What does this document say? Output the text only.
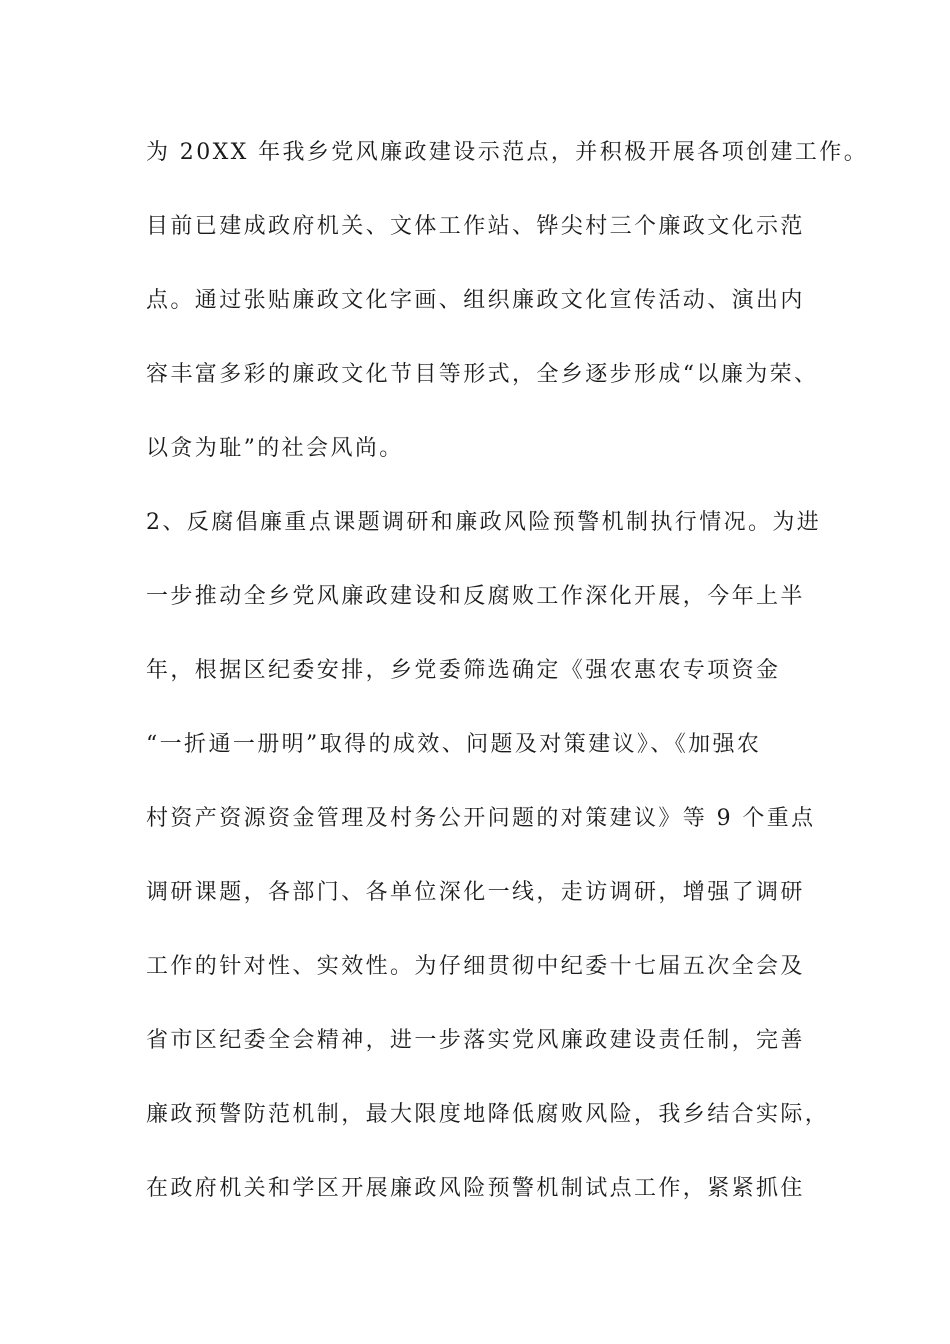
为 20XX 年我乡党风廉政建设示范点，并积极开展各项创建工作。
目前已建成政府机关、文体工作站、铧尖村三个廉政文化示范
点。通过张贴廉政文化字画、组织廉政文化宣传活动、演出内
容丰富多彩的廉政文化节目等形式，全乡逐步形成“以廉为荣、
以贪为耻”的社会风尚。
2、反腐倡廉重点课题调研和廉政风险预警机制执行情况。为进
一步推动全乡党风廉政建设和反腐败工作深化开展，今年上半
年，根据区纪委安排，乡党委筛选确定《强农惠农专项资金
“一折通一册明”取得的成效、问题及对策建议》、《加强农
村资产资源资金管理及村务公开问题的对策建议》等 9 个重点
调研课题，各部门、各单位深化一线，走访调研，增强了调研
工作的针对性、实效性。为仔细贯彻中纪委十七届五次全会及
省市区纪委全会精神，进一步落实党风廉政建设责任制，完善
廉政预警防范机制，最大限度地降低腐败风险，我乡结合实际，
在政府机关和学区开展廉政风险预警机制试点工作，紧紧抓住
